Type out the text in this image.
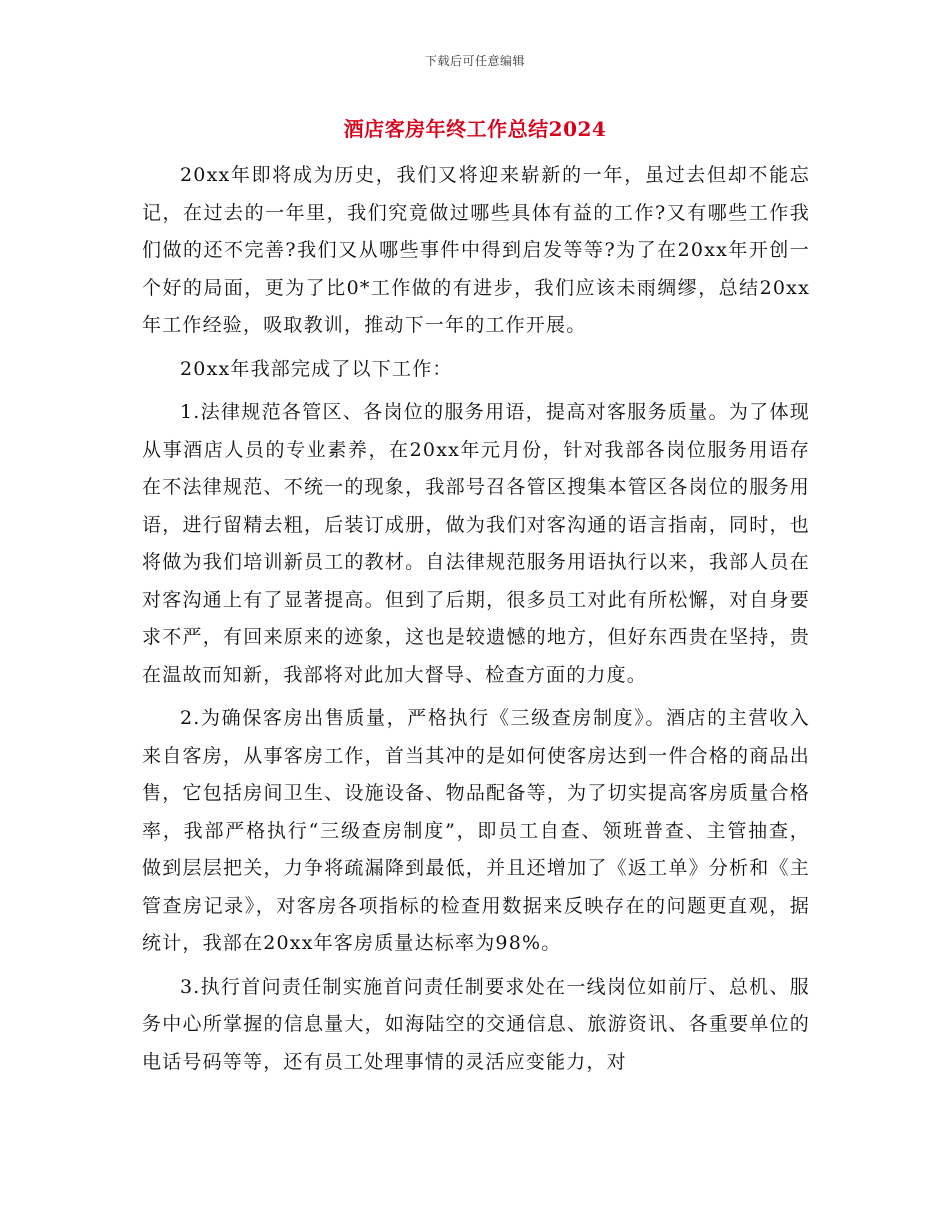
下载后可任意编辑
酒店客房年终工作总结2024

20xx年即将成为历史，我们又将迎来崭新的一年，虽过去但却不能忘记，在过去的一年里，我们究竟做过哪些具体有益的工作?又有哪些工作我们做的还不完善?我们又从哪些事件中得到启发等等?为了在20xx年开创一个好的局面，更为了比0*工作做的有进步，我们应该未雨绸缪，总结20xx年工作经验，吸取教训，推动下一年的工作开展。

20xx年我部完成了以下工作：

1.法律规范各管区、各岗位的服务用语，提高对客服务质量。为了体现从事酒店人员的专业素养，在20xx年元月份，针对我部各岗位服务用语存在不法律规范、不统一的现象，我部号召各管区搜集本管区各岗位的服务用语，进行留精去粗，后装订成册，做为我们对客沟通的语言指南，同时，也将做为我们培训新员工的教材。自法律规范服务用语执行以来，我部人员在对客沟通上有了显著提高。但到了后期，很多员工对此有所松懈，对自身要求不严，有回来原来的迹象，这也是较遗憾的地方，但好东西贵在坚持，贵在温故而知新，我部将对此加大督导、检查方面的力度。

2.为确保客房出售质量，严格执行《三级查房制度》。酒店的主营收入来自客房，从事客房工作，首当其冲的是如何使客房达到一件合格的商品出售，它包括房间卫生、设施设备、物品配备等，为了切实提高客房质量合格率，我部严格执行“三级查房制度”，即员工自查、领班普查、主管抽查，做到层层把关，力争将疏漏降到最低，并且还增加了《返工单》分析和《主管查房记录》，对客房各项指标的检查用数据来反映存在的问题更直观，据统计，我部在20xx年客房质量达标率为98%。

3.执行首问责任制实施首问责任制要求处在一线岗位如前厅、总机、服务中心所掌握的信息量大，如海陆空的交通信息、旅游资讯、各重要单位的电话号码等等，还有员工处理事情的灵活应变能力，对
